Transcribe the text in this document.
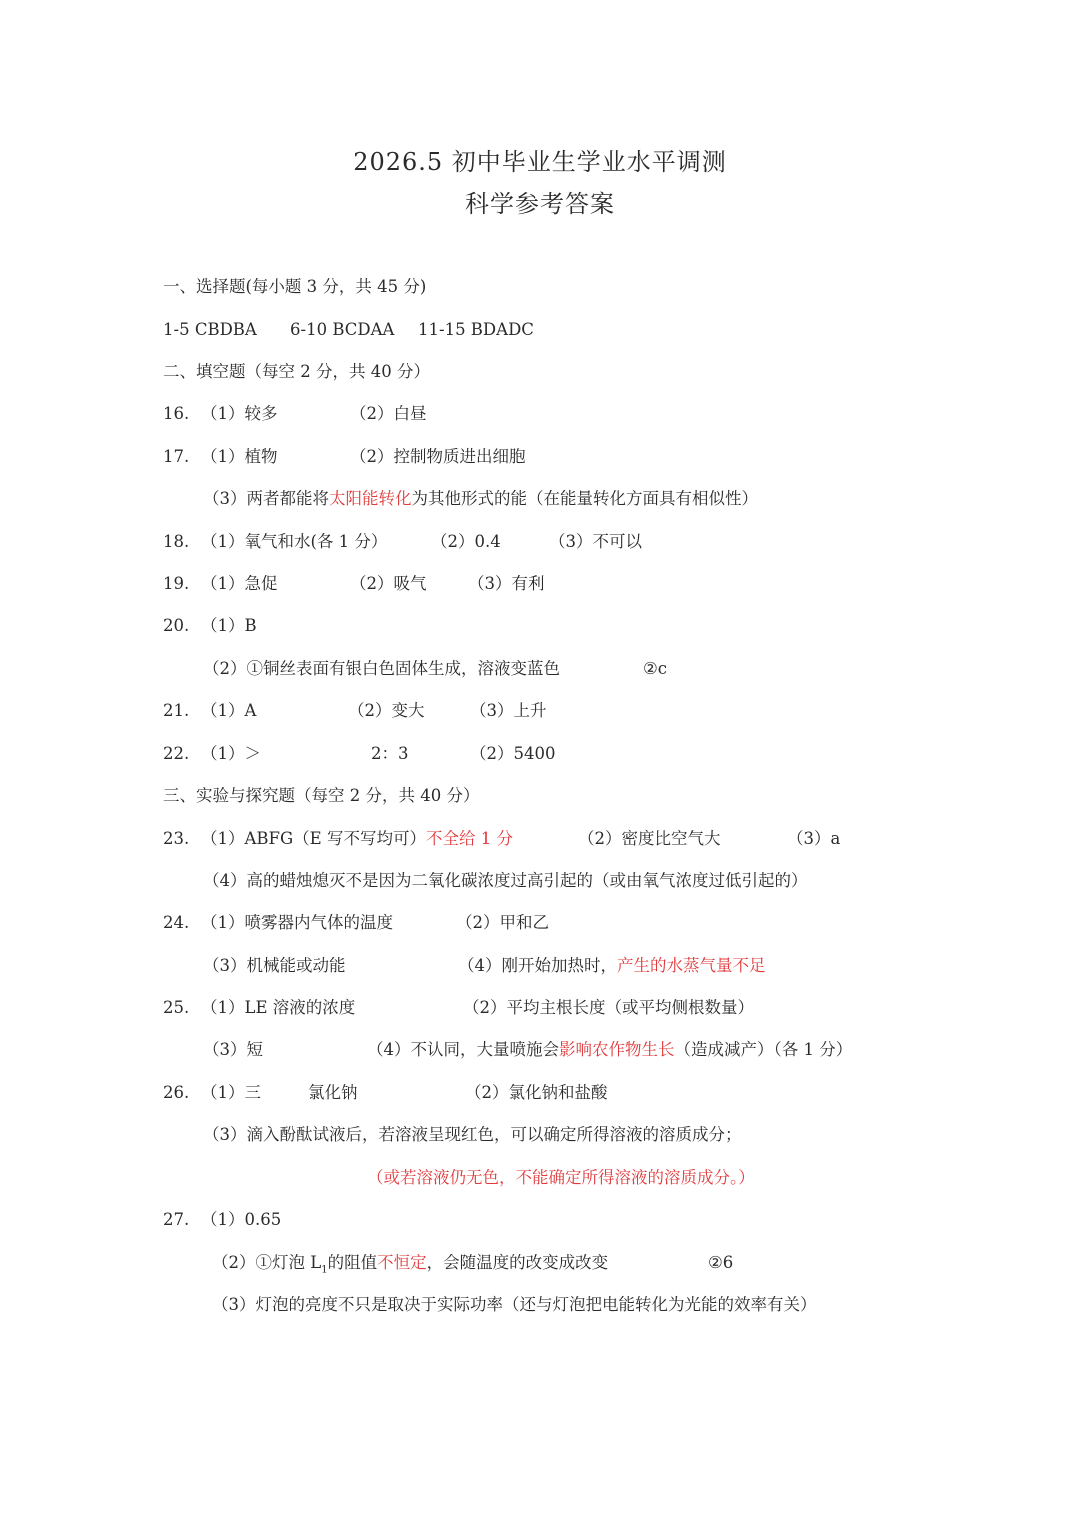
2026.5 初中毕业生学业水平调测
科学参考答案
一、选择题(每小题 3 分，共 45 分)
1-5 CBDBA 6-10 BCDAA 11-15 BDADC
二、填空题（每空 2 分，共 40 分）
16. （1）较多	（2）白昼
17. （1）植物	（2）控制物质进出细胞
（3）两者都能将太阳能转化为其他形式的能（在能量转化方面具有相似性）
18. （1）氧气和水(各 1 分）	（2）0.4	（3）不可以
19. （1）急促	（2）吸气	（3）有利
20. （1）B
（2）①铜丝表面有银白色固体生成，溶液变蓝色	②c
21. （1）A	（2）变大	（3）上升
22. （1）＞	2：3	（2）5400
三、实验与探究题（每空 2 分，共 40 分）
23. （1）ABFG（E 写不写均可）不全给 1 分	（2）密度比空气大	（3）a
（4）高的蜡烛熄灭不是因为二氧化碳浓度过高引起的（或由氧气浓度过低引起的）
24. （1）喷雾器内气体的温度	（2）甲和乙
（3）机械能或动能	（4）刚开始加热时，产生的水蒸气量不足
25. （1）LE 溶液的浓度	（2）平均主根长度（或平均侧根数量）
（3）短	（4）不认同，大量喷施会影响农作物生长（造成减产）（各 1 分）
26. （1）三	氯化钠	（2）氯化钠和盐酸
（3）滴入酚酞试液后，若溶液呈现红色，可以确定所得溶液的溶质成分；
（或若溶液仍无色，不能确定所得溶液的溶质成分。）
27. （1）0.65
（2）①灯泡 $L_1$的阻值不恒定，会随温度的改变成改变	②6
（3）灯泡的亮度不只是取决于实际功率（还与灯泡把电能转化为光能的效率有关）
